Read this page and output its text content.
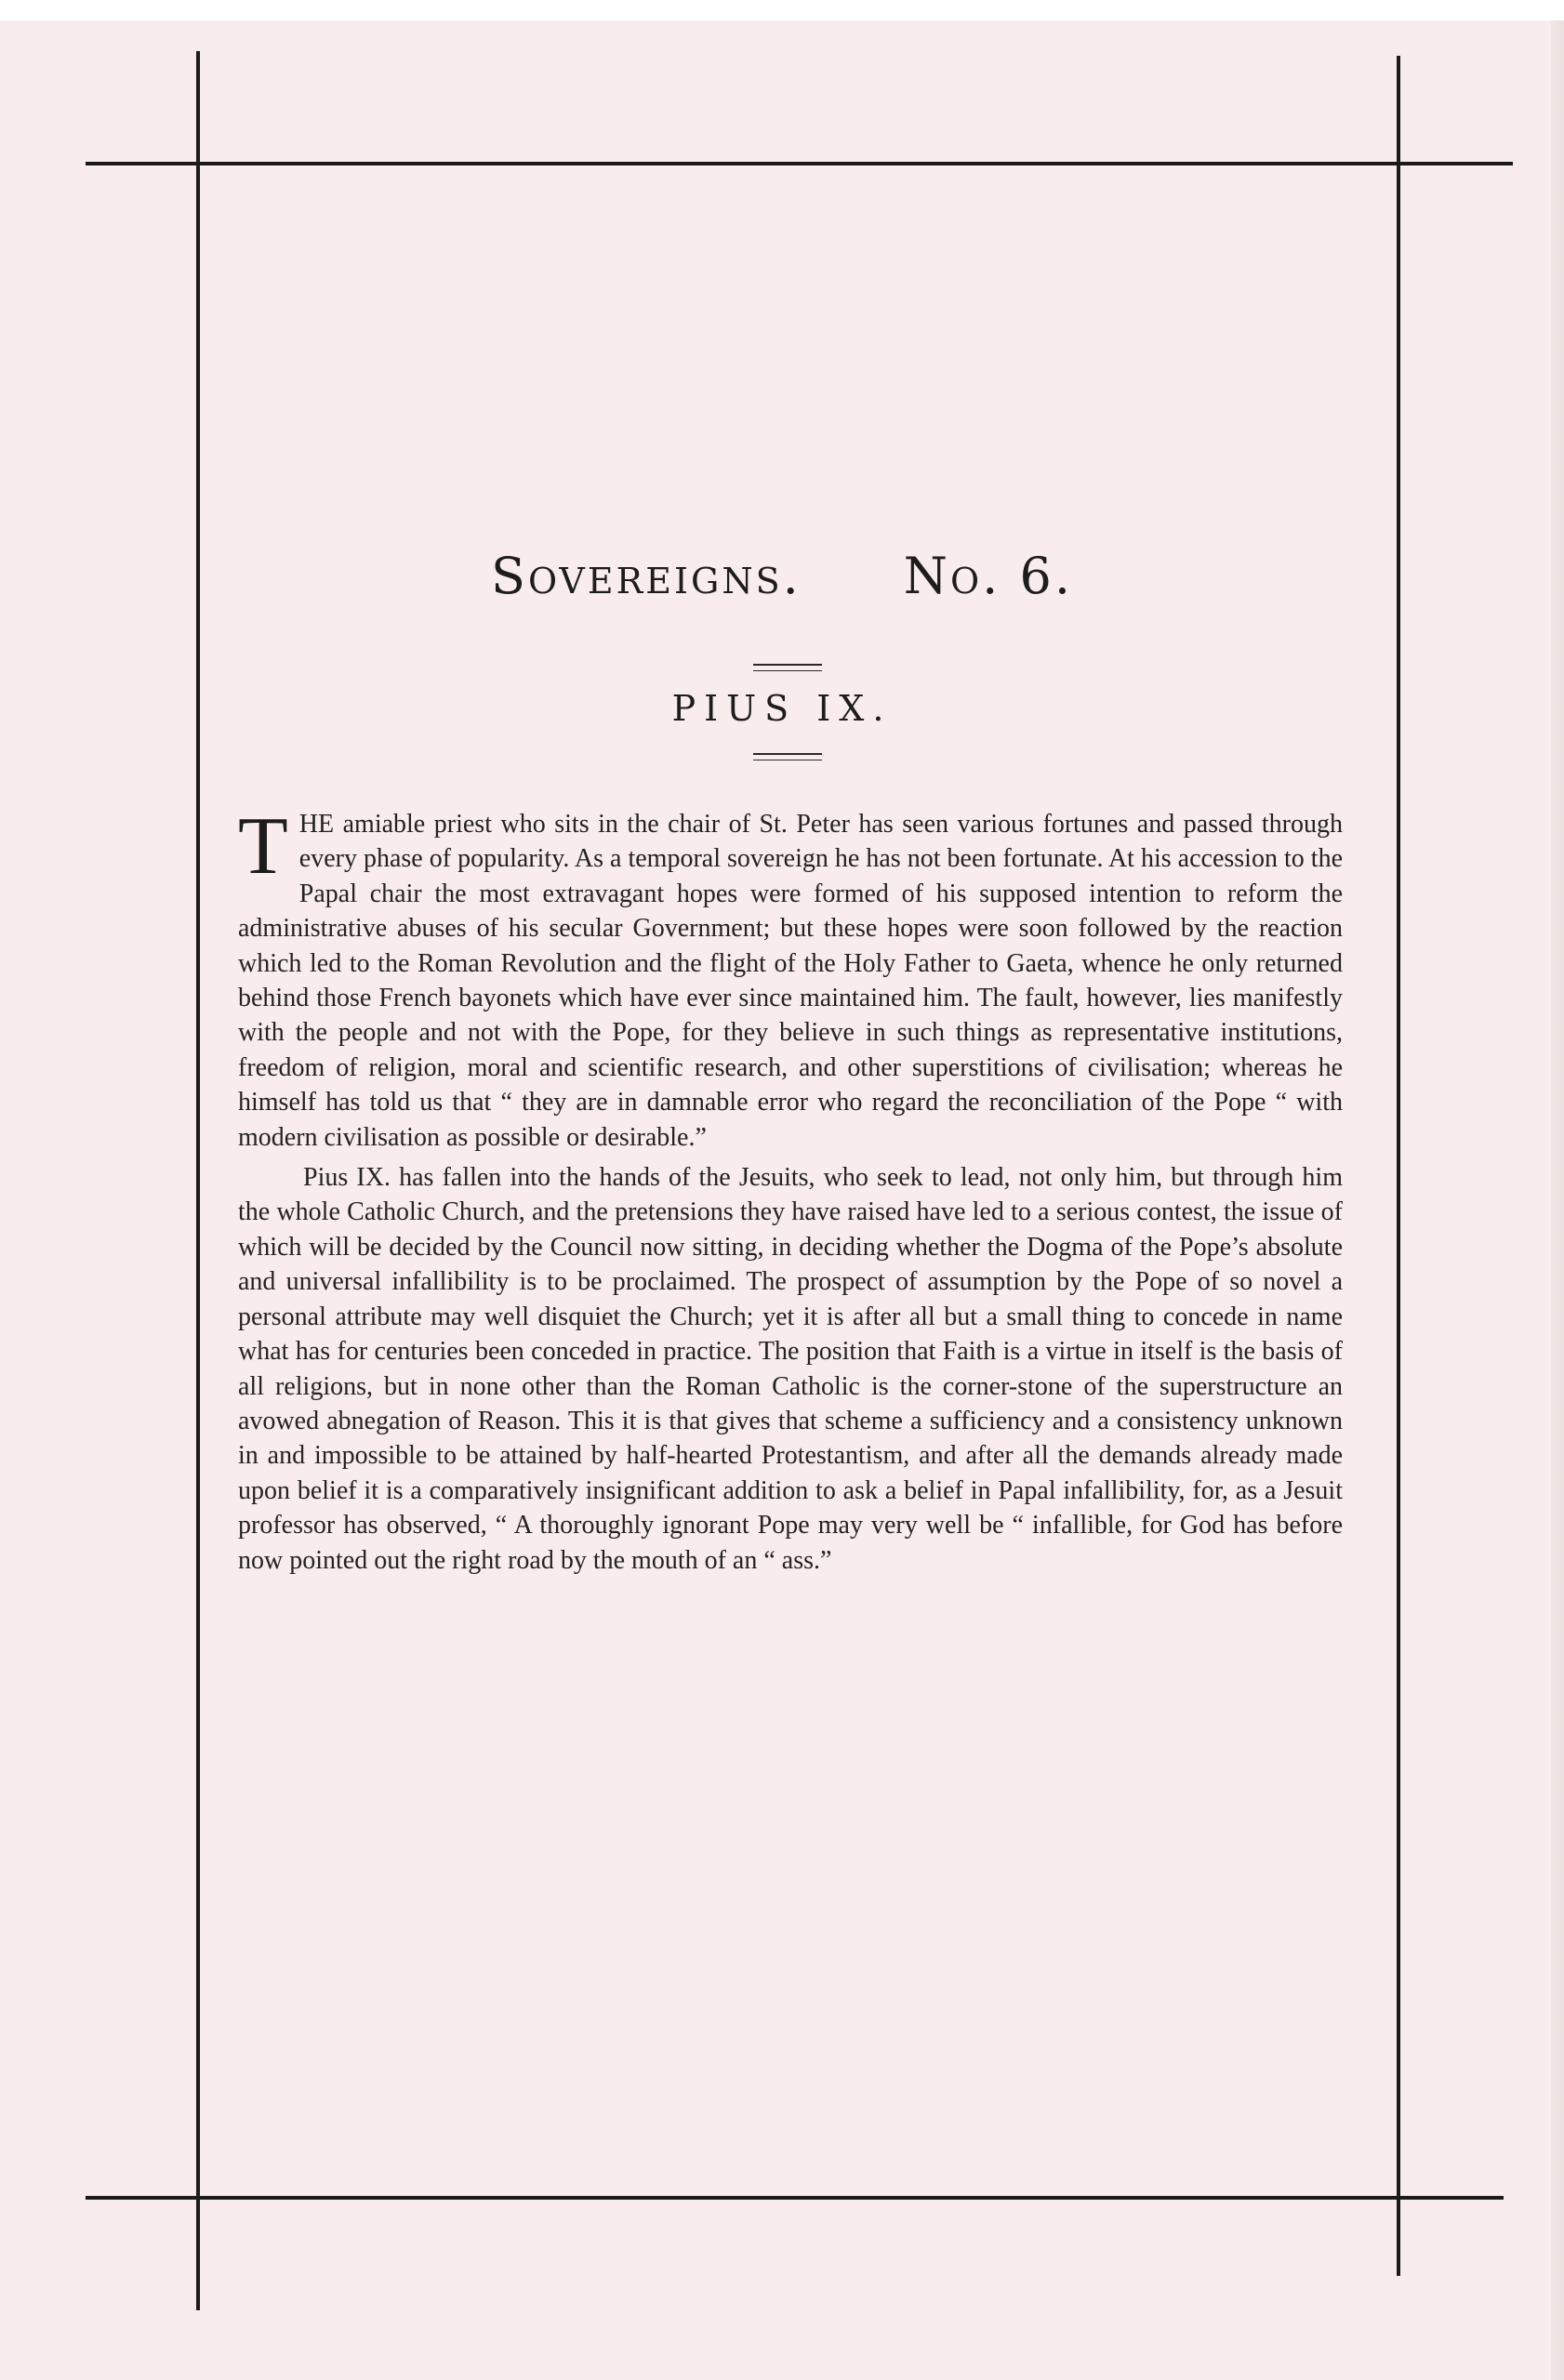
Sovereigns. No. 6.
PIUS IX.

THE amiable priest who sits in the chair of St. Peter has seen various fortunes and passed through every phase of popularity. As a temporal sovereign he has not been fortunate. At his accession to the Papal chair the most extravagant hopes were formed of his supposed intention to reform the administrative abuses of his secular Government; but these hopes were soon followed by the reaction which led to the Roman Revolution and the flight of the Holy Father to Gaeta, whence he only returned behind those French bayonets which have ever since maintained him. The fault, however, lies manifestly with the people and not with the Pope, for they believe in such things as representative institutions, freedom of religion, moral and scientific research, and other superstitions of civilisation; whereas he himself has told us that “ they are in damnable error who regard the reconciliation of the Pope “ with modern civilisation as possible or desirable.”

Pius IX. has fallen into the hands of the Jesuits, who seek to lead, not only him, but through him the whole Catholic Church, and the pretensions they have raised have led to a serious contest, the issue of which will be decided by the Council now sitting, in deciding whether the Dogma of the Pope’s absolute and universal infallibility is to be proclaimed. The prospect of assumption by the Pope of so novel a personal attribute may well disquiet the Church; yet it is after all but a small thing to concede in name what has for centuries been conceded in practice. The position that Faith is a virtue in itself is the basis of all religions, but in none other than the Roman Catholic is the corner-stone of the superstructure an avowed abnegation of Reason. This it is that gives that scheme a sufficiency and a consistency unknown in and impossible to be attained by half-hearted Protestantism, and after all the demands already made upon belief it is a comparatively insignificant addition to ask a belief in Papal infallibility, for, as a Jesuit professor has observed, “ A thoroughly ignorant Pope may very well be “ infallible, for God has before now pointed out the right road by the mouth of an “ ass.”
